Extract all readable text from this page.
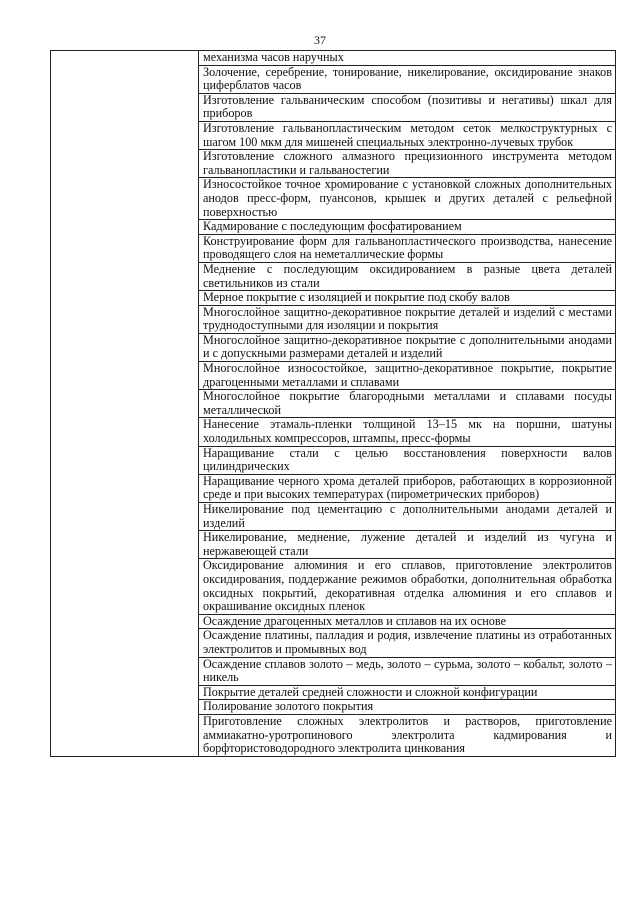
37
	механизма часов наручных
Золочение, серебрение, тонирование, никелирование, оксидирование знаков циферблатов часов
Изготовление гальваническим способом (позитивы и негативы) шкал для приборов
Изготовление гальванопластическим методом сеток мелкоструктурных с шагом 100 мкм для мишеней специальных электронно-лучевых трубок
Изготовление сложного алмазного прецизионного инструмента методом гальванопластики и гальваностегии
Износостойкое точное хромирование с установкой сложных дополнительных анодов пресс-форм, пуансонов, крышек и других деталей с рельефной поверхностью
Кадмирование с последующим фосфатированием
Конструирование форм для гальванопластического производства, нанесение проводящего слоя на неметаллические формы
Меднение с последующим оксидированием в разные цвета деталей светильников из стали
Мерное покрытие с изоляцией и покрытие под скобу валов
Многослойное защитно-декоративное покрытие деталей и изделий с местами труднодоступными для изоляции и покрытия
Многослойное защитно-декоративное покрытие с дополнительными анодами и с допускными размерами деталей и изделий
Многослойное износостойкое, защитно-декоративное покрытие, покрытие драгоценными металлами и сплавами
Многослойное покрытие благородными металлами и сплавами посуды металлической
Нанесение этамаль-пленки толщиной 13–15 мк на поршни, шатуны холодильных компрессоров, штампы, пресс-формы
Наращивание стали с целью восстановления поверхности валов цилиндрических
Наращивание черного хрома деталей приборов, работающих в коррозионной среде и при высоких температурах (пирометрических приборов)
Никелирование под цементацию с дополнительными анодами деталей и изделий
Никелирование, меднение, лужение деталей и изделий из чугуна и нержавеющей стали
Оксидирование алюминия и его сплавов, приготовление электролитов оксидирования, поддержание режимов обработки, дополнительная обработка оксидных покрытий, декоративная отделка алюминия и его сплавов и окрашивание оксидных пленок
Осаждение драгоценных металлов и сплавов на их основе
Осаждение платины, палладия и родия, извлечение платины из отработанных электролитов и промывных вод
Осаждение сплавов золото – медь, золото – сурьма, золото – кобальт, золото – никель
Покрытие деталей средней сложности и сложной конфигурации
Полирование золотого покрытия
Приготовление сложных электролитов и растворов, приготовление аммиакатно-уротропинового электролита кадмирования и борфтористоводородного электролита цинкования
